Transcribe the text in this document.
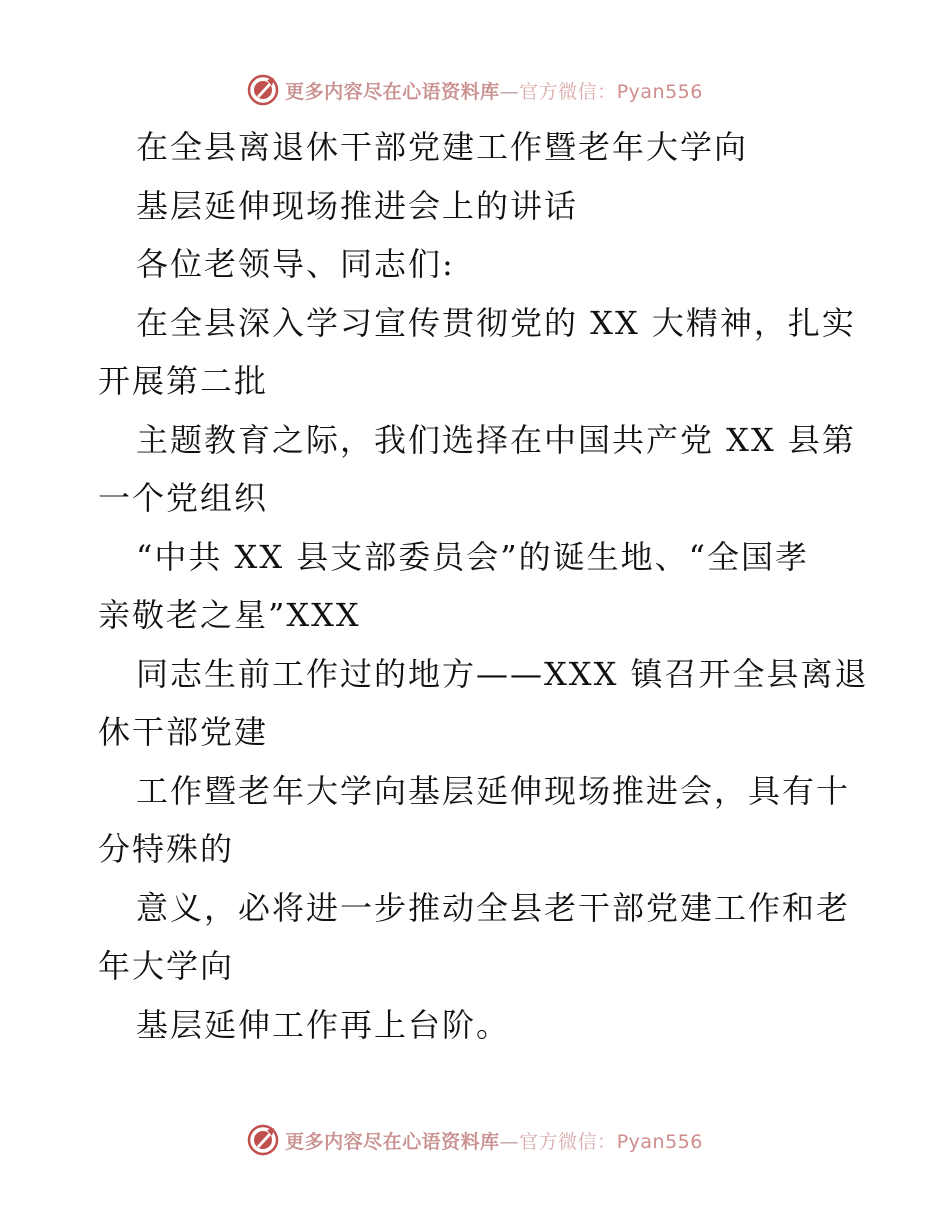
更多内容尽在心语资料库—官方微信：Pyan556
在全县离退休干部党建工作暨老年大学向
基层延伸现场推进会上的讲话
各位老领导、同志们:
在全县深入学习宣传贯彻党的 XX 大精神，扎实
开展第二批
主题教育之际，我们选择在中国共产党 XX 县第
一个党组织
“中共 XX 县支部委员会”的诞生地、“全国孝
亲敬老之星”XXX
同志生前工作过的地方——XXX 镇召开全县离退
休干部党建
工作暨老年大学向基层延伸现场推进会，具有十
分特殊的
意义，必将进一步推动全县老干部党建工作和老
年大学向
基层延伸工作再上台阶。
更多内容尽在心语资料库—官方微信：Pyan556
